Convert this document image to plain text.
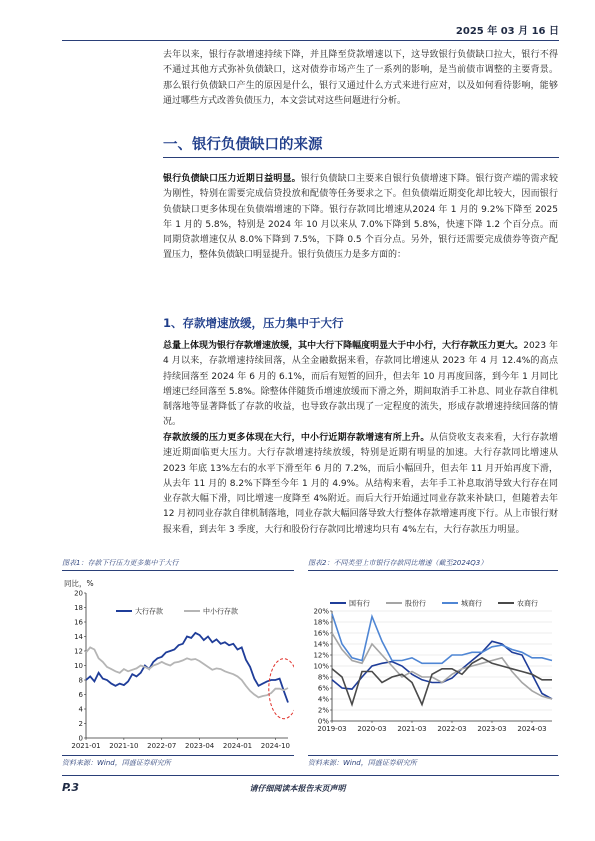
2025 年 03 月 16 日
去年以来，银行存款增速持续下降，并且降至贷款增速以下，这导致银行负债缺口拉大，银行不得不通过其他方式弥补负债缺口，这对债券市场产生了一系列的影响，是当前债市调整的主要背景。那么银行负债缺口产生的原因是什么，银行又通过什么方式来进行应对，以及如何看待影响，能够通过哪些方式改善负债压力，本文尝试对这些问题进行分析。
一、银行负债缺口的来源
银行负债缺口压力近期日益明显。银行负债缺口主要来自银行负债增速下降。银行资产端的需求较为刚性，特别在需要完成信贷投放和配债等任务要求之下。但负债端近期变化却比较大，因而银行负债缺口更多体现在负债端增速的下降。银行存款同比增速从2024 年 1 月的 9.2%下降至 2025 年 1 月的 5.8%，特别是 2024 年 10 月以来从 7.0%下降到 5.8%，快速下降 1.2 个百分点。而同期贷款增速仅从 8.0%下降到 7.5%，下降 0.5 个百分点。另外，银行还需要完成债券等资产配置压力，整体负债缺口明显提升。银行负债压力是多方面的：
1、存款增速放缓，压力集中于大行
总量上体现为银行存款增速放缓，其中大行下降幅度明显大于中小行，大行存款压力更大。2023 年 4 月以来，存款增速持续回落，从全金融数据来看，存款同比增速从 2023 年 4 月 12.4%的高点持续回落至 2024 年 6 月的 6.1%，而后有短暂的回升，但去年 10 月再度回落，到今年 1 月同比增速已经回落至 5.8%。除整体伴随货币增速放缓而下滑之外，期间取消手工补息、同业存款自律机制落地等显著降低了存款的收益，也导致存款出现了一定程度的流失，形成存款增速持续回落的情况。
存款放缓的压力更多体现在大行，中小行近期存款增速有所上升。从信贷收支表来看，大行存款增速近期面临更大压力。大行存款增速持续放缓，特别是近期有明显的加速。大行存款同比增速从 2023 年底 13%左右的水平下滑至年 6 月的 7.2%，而后小幅回升，但去年 11 月开始再度下滑，从去年 11 月的 8.2%下降至今年 1 月的 4.9%。从结构来看，去年手工补息取消导致大行存在同业存款大幅下滑，同比增速一度降至 4%附近。而后大行开始通过同业存款来补缺口，但随着去年 12 月初同业存款自律机制落地，同业存款大幅回落导致大行整体存款增速再度下行。从上市银行财报来看，到去年 3 季度，大行和股份行存款同比增速均只有 4%左右，大行存款压力明显。
图表1：存款下行压力更多集中于大行
0
2
4
6
8
10
12
14
16
18
20
2021-01 2021-10 2022-07 2023-04 2024-01 2024-10
大行存款	中小行存款
同比，%
资料来源：Wind，国盛证券研究所
图表2：不同类型上市银行存款同比增速（截至2024Q3）
0%
2%
4%
6%
8%
10%
12%
14%
16%
18%
20%
2019-03 2020-03 2021-03 2022-03 2023-03 2024-03
国有行	股份行	城商行	农商行
资料来源：Wind，国盛证券研究所
P.3	请仔细阅读本报告末页声明
